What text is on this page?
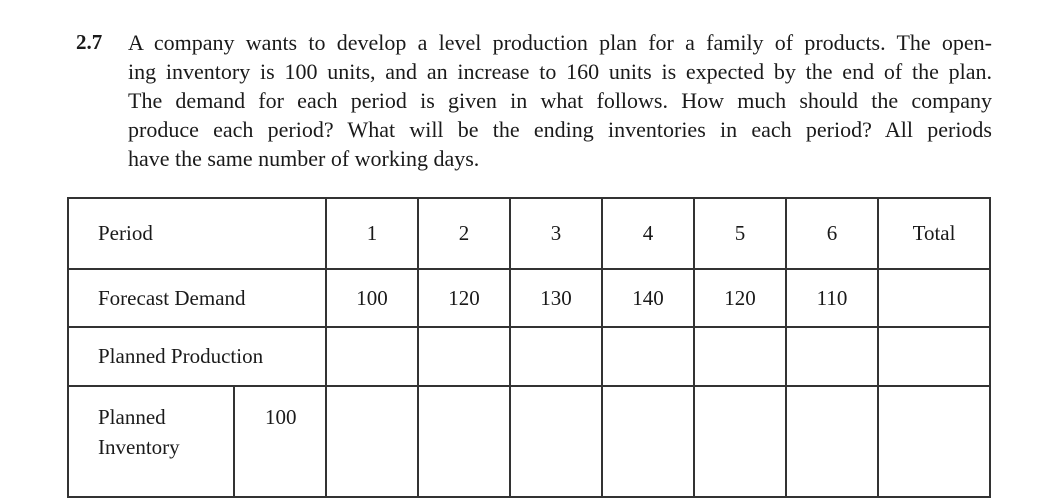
2.7 A company wants to develop a level production plan for a family of products. The open-
ing inventory is 100 units, and an increase to 160 units is expected by the end of the plan.
The demand for each period is given in what follows. How much should the company
produce each period? What will be the ending inventories in each period? All periods
have the same number of working days.
Period		1	2	3	4	5	6	Total
Forecast Demand		100	120	130	140	120	110	
Planned Production								
Planned
Inventory	100							
